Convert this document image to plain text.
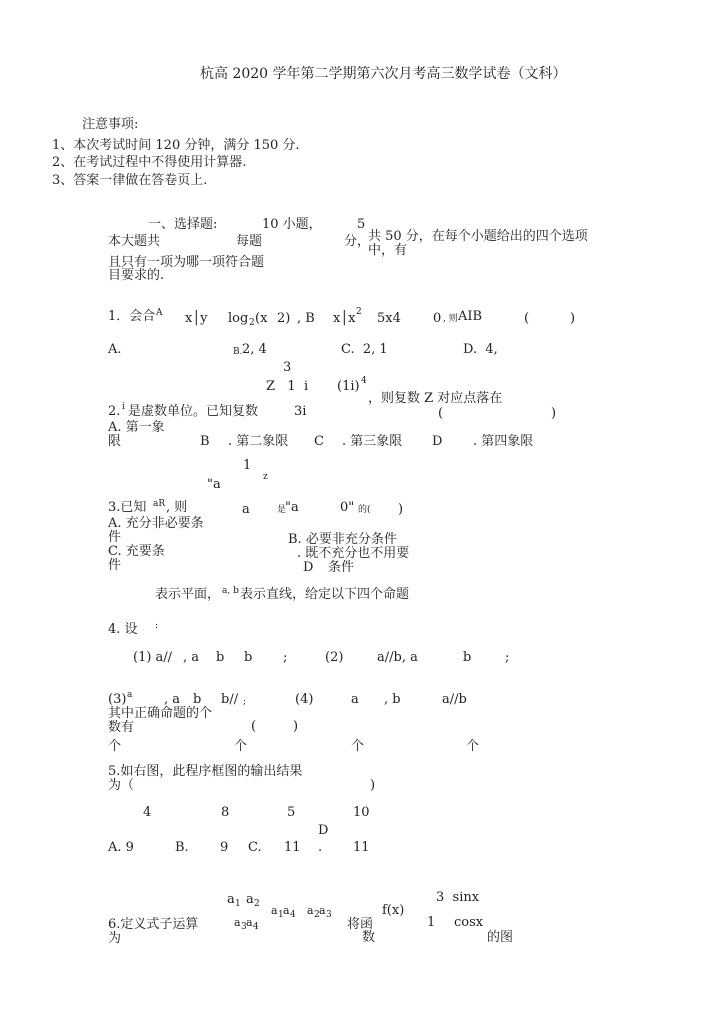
杭高 2020 学年第二学期第六次月考高三数学试卷（文科）
注意事项:
1、本次考试时间 120 分钟，满分 150 分.
2、在考试过程中不得使用计算器.
3、答案一律做在答卷页上.
一、选择题:	10 小题，	5
本大题共	每题	分，
共 50 分，在每个小题给出的四个选项
中，有
且只有一项为哪一项符合题
目要求的.
1．会合 A x│y log 2 (x 2) , B x│x 2 5x4 0 , 则 AIB	(	)
A.	B. 2, 4	C.  2, 1	D.  4,
3
Z   1  i (1i) 4
2. i 是虚数单位。已知复数	3i
，则复数 Z 对应点落在
(	)
A. 第一象
限	B . 第二象限 C . 第三象限 D . 第四象限
1
"a	z
3.已知 aR , 则	a	是
"a	0" 的( )
A. 充分非必要条
件	B. 必要非充分条件
C. 充要条	. 既不充分也不用要
件	D 条件
表示平面， a, b 表示直线，给定以下四个命题
4. 设 :
(1) a// , a b b ;	(2)	a//b, a	b	;
(3) a , a b b// ;	(4)	a , b	a//b
其中正确命题的个
数有	(	)
个	个	个	个
5.如右图，此程序框图的输出结果
为（	)
4	8	5	10
D
A. 9	B. 9 C. 11 . 11
a 1 a 2 a 1 a 4 a 2 a 3
3  sinx
f(x)
1 cosx
6.定义式子运算	a 3 a 4	将函
数	的图
为
